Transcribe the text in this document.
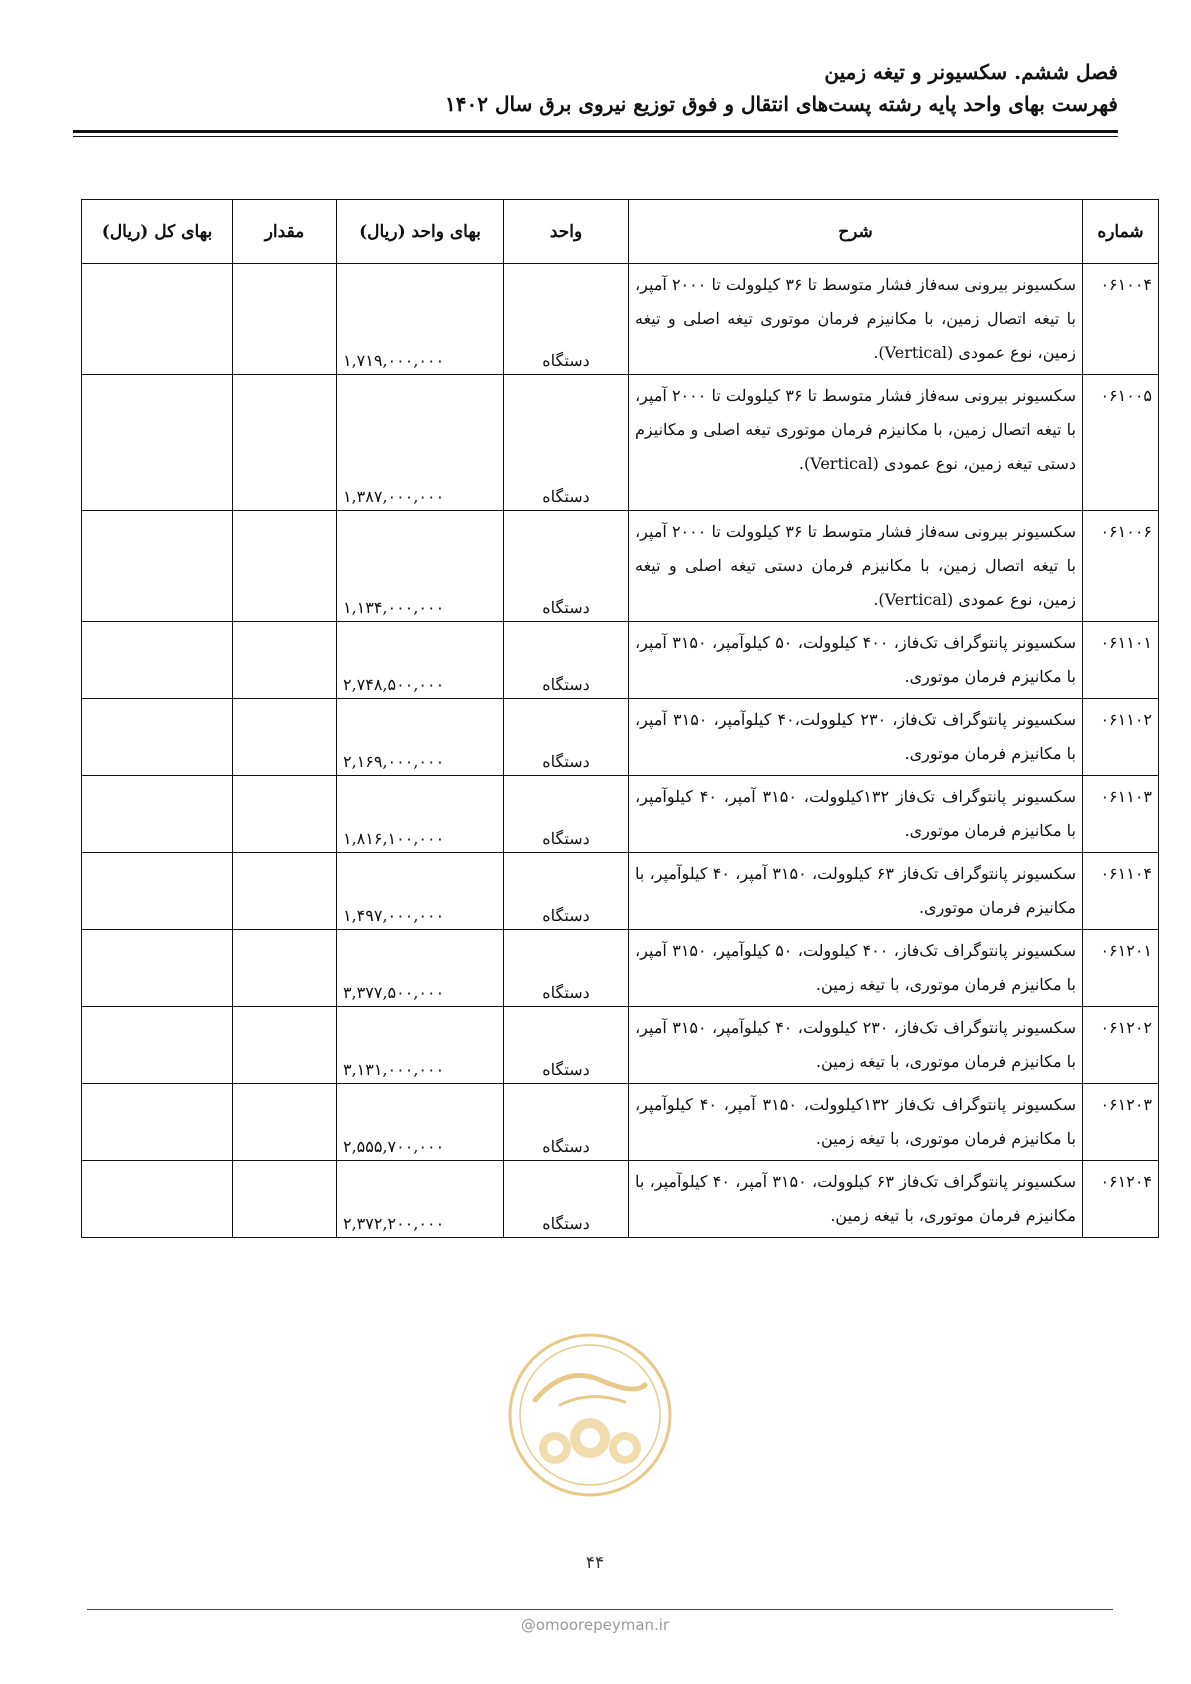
فصل ششم. سکسیونر و تیغه زمین
فهرست بهای واحد پایه رشته پست‌های انتقال و فوق توزیع نیروی برق سال ۱۴۰۲
شماره	شرح	واحد	بهای واحد (ریال)	مقدار	بهای کل (ریال)
۰۶۱۰۰۴	سکسیونر بیرونی سه‌فاز فشار متوسط تا ۳۶ کیلوولت تا ۲۰۰۰ آمپر، با تیغه اتصال زمین، با مکانیزم فرمان موتوری تیغه اصلی و تیغه زمین، نوع عمودی (Vertical).	دستگاه	۱,۷۱۹,۰۰۰,۰۰۰		
۰۶۱۰۰۵	سکسیونر بیرونی سه‌فاز فشار متوسط تا ۳۶ کیلوولت تا ۲۰۰۰ آمپر، با تیغه اتصال زمین، با مکانیزم فرمان موتوری تیغه اصلی و مکانیزم دستی تیغه زمین، نوع عمودی (Vertical).	دستگاه	۱,۳۸۷,۰۰۰,۰۰۰		
۰۶۱۰۰۶	سکسیونر بیرونی سه‌فاز فشار متوسط تا ۳۶ کیلوولت تا ۲۰۰۰ آمپر، با تیغه اتصال زمین، با مکانیزم فرمان دستی تیغه اصلی و تیغه زمین، نوع عمودی (Vertical).	دستگاه	۱,۱۳۴,۰۰۰,۰۰۰		
۰۶۱۱۰۱	سکسیونر پانتوگراف تک‌فاز، ۴۰۰ کیلوولت، ۵۰ کیلوآمپر، ۳۱۵۰ آمپر، با مکانیزم فرمان موتوری.	دستگاه	۲,۷۴۸,۵۰۰,۰۰۰		
۰۶۱۱۰۲	سکسیونر پانتوگراف تک‌فاز، ۲۳۰ کیلوولت،۴۰ کیلوآمپر، ۳۱۵۰ آمپر، با مکانیزم فرمان موتوری.	دستگاه	۲,۱۶۹,۰۰۰,۰۰۰		
۰۶۱۱۰۳	سکسیونر پانتوگراف تک‌فاز ۱۳۲کیلوولت، ۳۱۵۰ آمپر، ۴۰ کیلوآمپر، با مکانیزم فرمان موتوری.	دستگاه	۱,۸۱۶,۱۰۰,۰۰۰		
۰۶۱۱۰۴	سکسیونر پانتوگراف تک‌فاز ۶۳ کیلوولت، ۳۱۵۰ آمپر، ۴۰ کیلوآمپر، با مکانیزم فرمان موتوری.	دستگاه	۱,۴۹۷,۰۰۰,۰۰۰		
۰۶۱۲۰۱	سکسیونر پانتوگراف تک‌فاز، ۴۰۰ کیلوولت، ۵۰ کیلوآمپر، ۳۱۵۰ آمپر، با مکانیزم فرمان موتوری، با تیغه زمین.	دستگاه	۳,۳۷۷,۵۰۰,۰۰۰		
۰۶۱۲۰۲	سکسیونر پانتوگراف تک‌فاز، ۲۳۰ کیلوولت، ۴۰ کیلوآمپر، ۳۱۵۰ آمپر، با مکانیزم فرمان موتوری، با تیغه زمین.	دستگاه	۳,۱۳۱,۰۰۰,۰۰۰		
۰۶۱۲۰۳	سکسیونر پانتوگراف تک‌فاز ۱۳۲کیلوولت، ۳۱۵۰ آمپر، ۴۰ کیلوآمپر، با مکانیزم فرمان موتوری، با تیغه زمین.	دستگاه	۲,۵۵۵,۷۰۰,۰۰۰		
۰۶۱۲۰۴	سکسیونر پانتوگراف تک‌فاز ۶۳ کیلوولت، ۳۱۵۰ آمپر، ۴۰ کیلوآمپر، با مکانیزم فرمان موتوری، با تیغه زمین.	دستگاه	۲,۳۷۲,۲۰۰,۰۰۰		
۴۴
@omoorepeyman.ir
